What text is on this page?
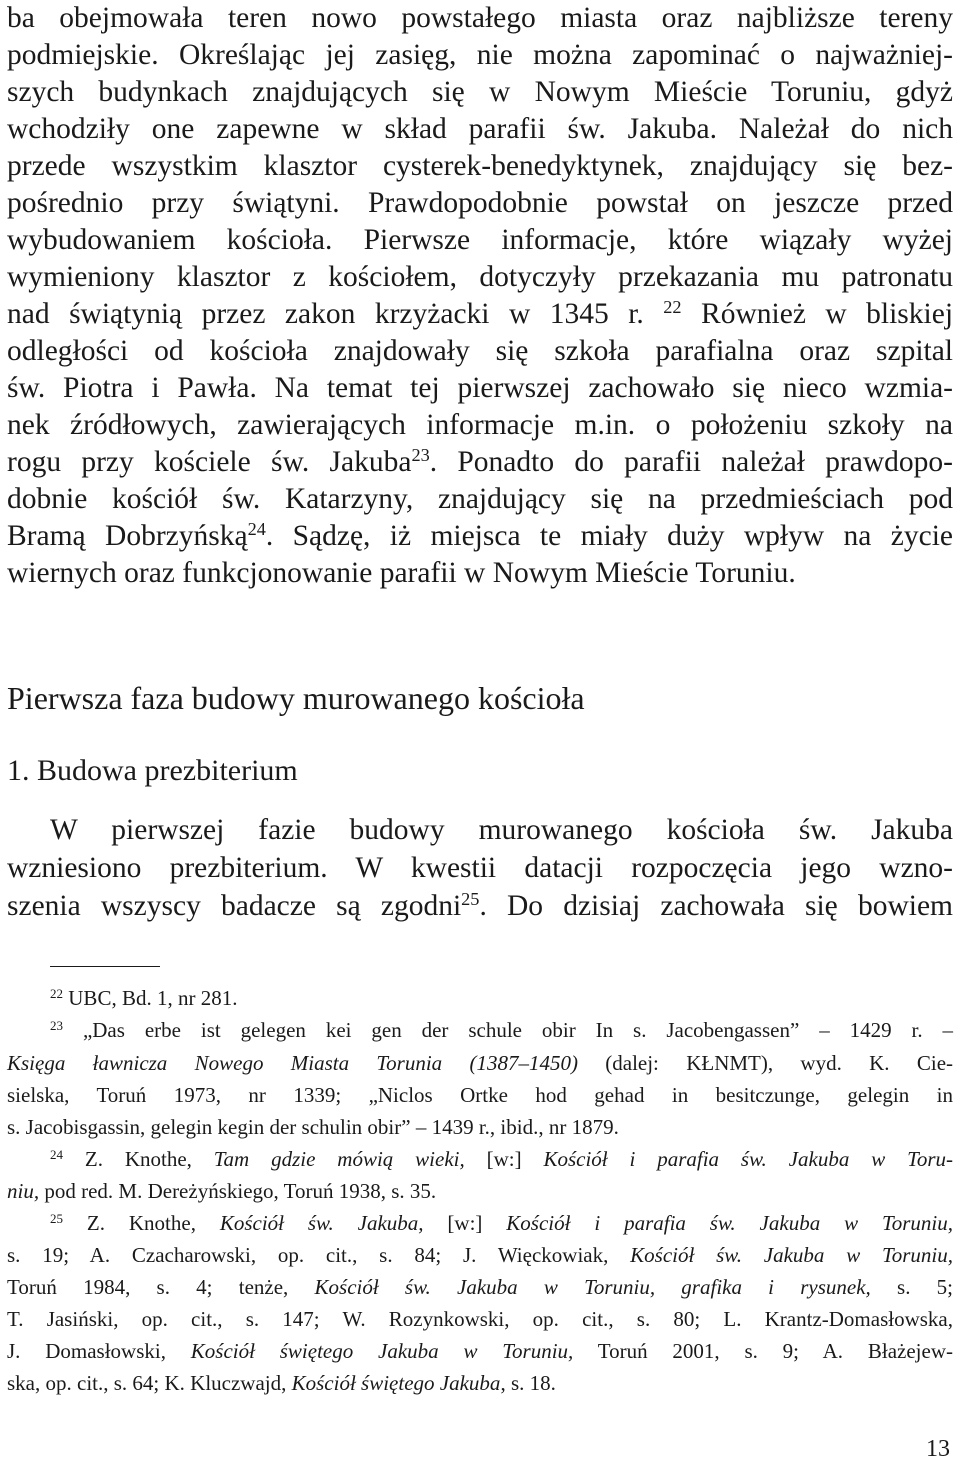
ba obejmowała teren nowo powstałego miasta oraz najbliższe tereny
podmiejskie. Określając jej zasięg, nie można zapominać o najważniej-
szych budynkach znajdujących się w Nowym Mieście Toruniu, gdyż
wchodziły one zapewne w skład parafii św. Jakuba. Należał do nich
przede wszystkim klasztor cysterek-benedyktynek, znajdujący się bez-
pośrednio przy świątyni. Prawdopodobnie powstał on jeszcze przed
wybudowaniem kościoła. Pierwsze informacje, które wiązały wyżej
wymieniony klasztor z kościołem, dotyczyły przekazania mu patronatu
nad świątynią przez zakon krzyżacki w 1345 r. $^{22}$ Również w bliskiej
odległości od kościoła znajdowały się szkoła parafialna oraz szpital
św. Piotra i Pawła. Na temat tej pierwszej zachowało się nieco wzmia-
nek źródłowych, zawierających informacje m.in. o położeniu szkoły na
rogu przy kościele św. Jakuba$^{23}$. Ponadto do parafii należał prawdopo-
dobnie kościół św. Katarzyny, znajdujący się na przedmieściach pod
Bramą Dobrzyńską$^{24}$. Sądzę, iż miejsca te miały duży wpływ na życie
wiernych oraz funkcjonowanie parafii w Nowym Mieście Toruniu.
Pierwsza faza budowy murowanego kościoła
1. Budowa prezbiterium
W pierwszej fazie budowy murowanego kościoła św. Jakuba
wzniesiono prezbiterium. W kwestii datacji rozpoczęcia jego wzno-
szenia wszyscy badacze są zgodni$^{25}$. Do dzisiaj zachowała się bowiem
$^{22}$ UBC, Bd. 1, nr 281.
$^{23}$ „Das erbe ist gelegen kei gen der schule obir In s. Jacobengassen” – 1429 r. –
Księga ławnicza Nowego Miasta Torunia (1387–1450) (dalej: KŁNMT), wyd. K. Cie-
sielska, Toruń 1973, nr 1339; „Niclos Ortke hod gehad in besitczunge, gelegin in
s. Jacobisgassin, gelegin kegin der schulin obir” – 1439 r., ibid., nr 1879.
$^{24}$ Z. Knothe, Tam gdzie mówią wieki, [w:] Kościół i parafia św. Jakuba w Toru-
niu, pod red. M. Dereżyńskiego, Toruń 1938, s. 35.
$^{25}$ Z. Knothe, Kościół św. Jakuba, [w:] Kościół i parafia św. Jakuba w Toruniu,
s. 19; A. Czacharowski, op. cit., s. 84; J. Więckowiak, Kościół św. Jakuba w Toruniu,
Toruń 1984, s. 4; tenże, Kościół św. Jakuba w Toruniu, grafika i rysunek, s. 5;
T. Jasiński, op. cit., s. 147; W. Rozynkowski, op. cit., s. 80; L. Krantz-Domasłowska,
J. Domasłowski, Kościół świętego Jakuba w Toruniu, Toruń 2001, s. 9; A. Błażejew-
ska, op. cit., s. 64; K. Kluczwajd, Kościół świętego Jakuba, s. 18.
13
